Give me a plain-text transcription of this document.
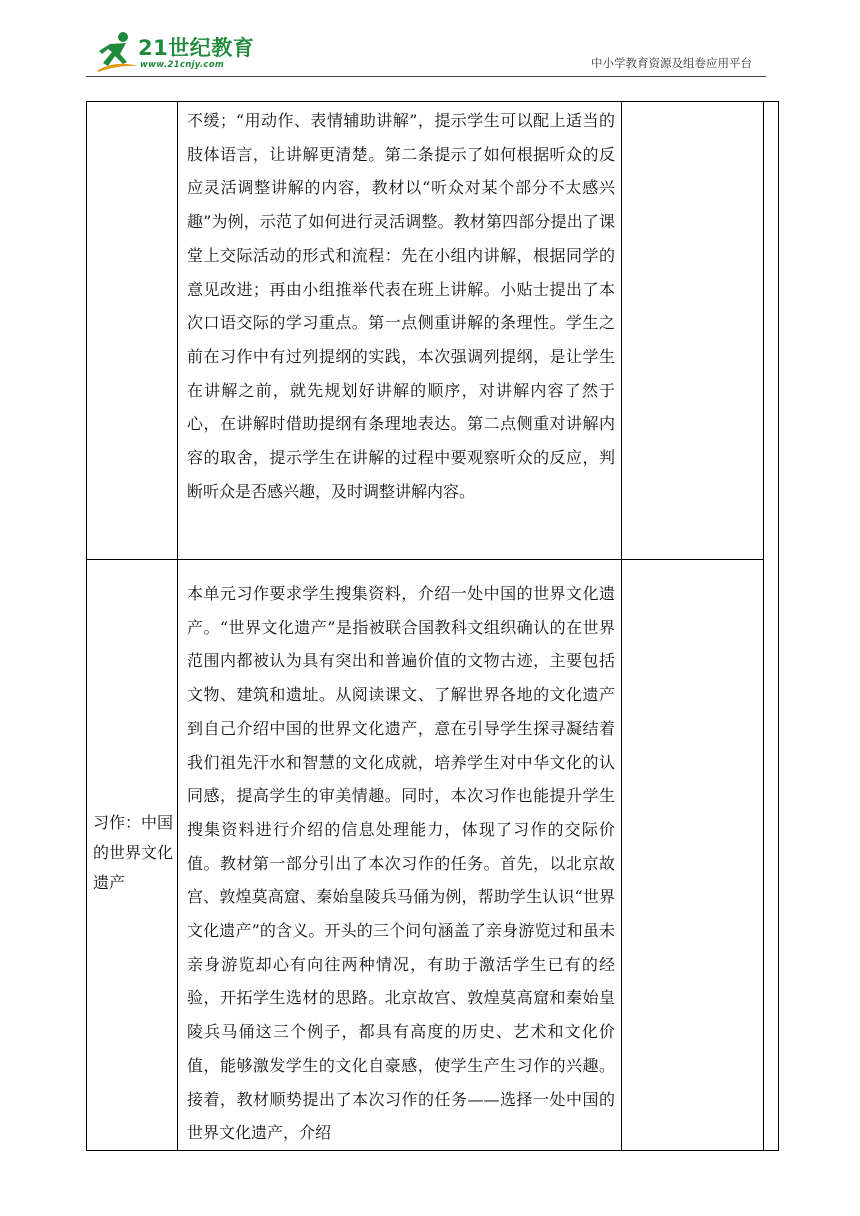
21世纪教育
www.21cnjy.com	中小学教育资源及组卷应用平台
不缓；“用动作、表情辅助讲解”，提示学生可以配上适当的肢体语言，让讲解更清楚。第二条提示了如何根据听众的反应灵活调整讲解的内容，教材以“听众对某个部分不太感兴趣”为例，示范了如何进行灵活调整。教材第四部分提出了课堂上交际活动的形式和流程：先在小组内讲解，根据同学的意见改进；再由小组推举代表在班上讲解。小贴士提出了本次口语交际的学习重点。第一点侧重讲解的条理性。学生之前在习作中有过列提纲的实践，本次强调列提纲，是让学生在讲解之前，就先规划好讲解的顺序，对讲解内容了然于心，在讲解时借助提纲有条理地表达。第二点侧重对讲解内容的取舍，提示学生在讲解的过程中要观察听众的反应，判断听众是否感兴趣，及时调整讲解内容。
习作：中国的世界文化遗产
本单元习作要求学生搜集资料，介绍一处中国的世界文化遗产。“世界文化遗产”是指被联合国教科文组织确认的在世界范围内都被认为具有突出和普遍价值的文物古迹，主要包括文物、建筑和遗址。从阅读课文、了解世界各地的文化遗产到自己介绍中国的世界文化遗产，意在引导学生探寻凝结着我们祖先汗水和智慧的文化成就，培养学生对中华文化的认同感，提高学生的审美情趣。同时，本次习作也能提升学生搜集资料进行介绍的信息处理能力，体现了习作的交际价值。教材第一部分引出了本次习作的任务。首先，以北京故宫、敦煌莫高窟、秦始皇陵兵马俑为例，帮助学生认识“世界文化遗产”的含义。开头的三个问句涵盖了亲身游览过和虽未亲身游览却心有向往两种情况，有助于激活学生已有的经验，开拓学生选材的思路。北京故宫、敦煌莫高窟和秦始皇陵兵马俑这三个例子，都具有高度的历史、艺术和文化价值，能够激发学生的文化自豪感，使学生产生习作的兴趣。接着，教材顺势提出了本次习作的任务——选择一处中国的世界文化遗产，介绍
